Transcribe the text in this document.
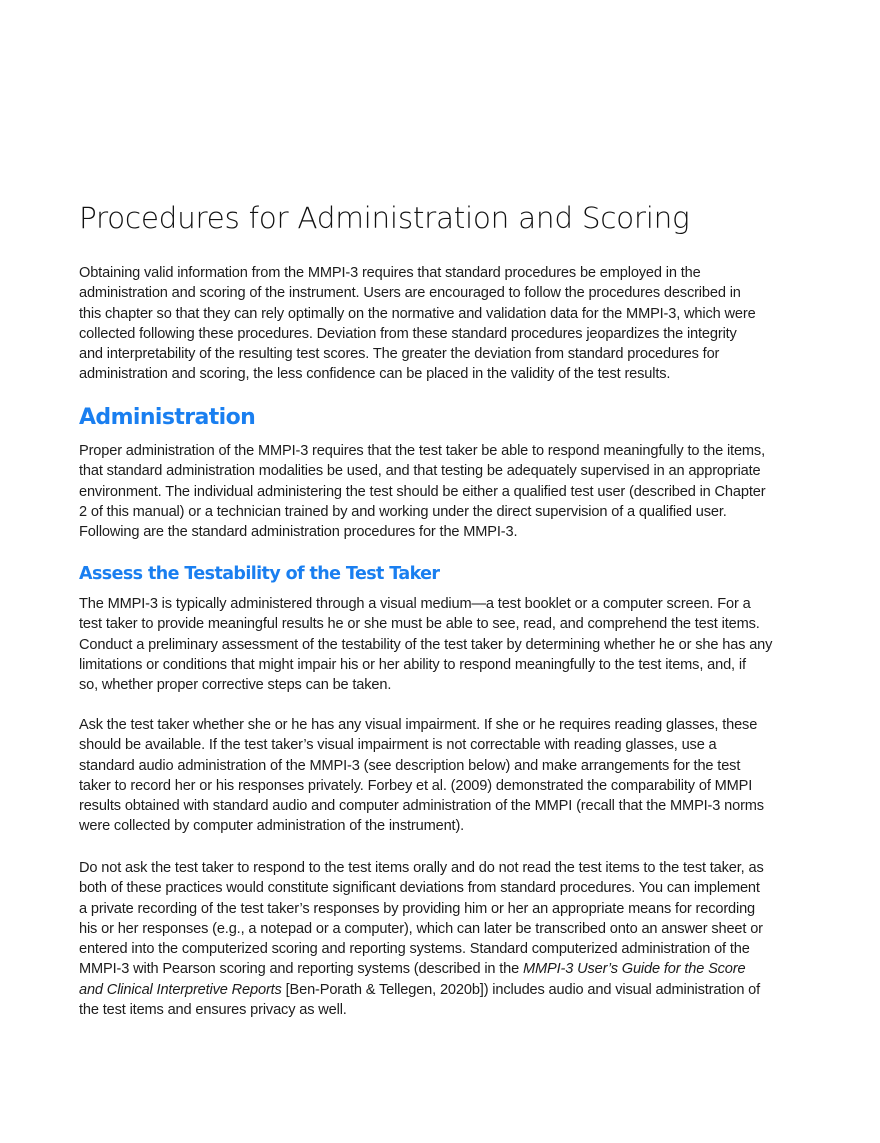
Procedures for Administration and Scoring

Obtaining valid information from the MMPI-3 requires that standard procedures be employed in the
administration and scoring of the instrument. Users are encouraged to follow the procedures described in
this chapter so that they can rely optimally on the normative and validation data for the MMPI-3, which were
collected following these procedures. Deviation from these standard procedures jeopardizes the integrity
and interpretability of the resulting test scores. The greater the deviation from standard procedures for
administration and scoring, the less confidence can be placed in the validity of the test results.

Administration

Proper administration of the MMPI-3 requires that the test taker be able to respond meaningfully to the items,
that standard administration modalities be used, and that testing be adequately supervised in an appropriate
environment. The individual administering the test should be either a qualified test user (described in Chapter
2 of this manual) or a technician trained by and working under the direct supervision of a qualified user.
Following are the standard administration procedures for the MMPI-3.

Assess the Testability of the Test Taker

The MMPI-3 is typically administered through a visual medium—a test booklet or a computer screen. For a
test taker to provide meaningful results he or she must be able to see, read, and comprehend the test items.
Conduct a preliminary assessment of the testability of the test taker by determining whether he or she has any
limitations or conditions that might impair his or her ability to respond meaningfully to the test items, and, if
so, whether proper corrective steps can be taken.

Ask the test taker whether she or he has any visual impairment. If she or he requires reading glasses, these
should be available. If the test taker’s visual impairment is not correctable with reading glasses, use a
standard audio administration of the MMPI-3 (see description below) and make arrangements for the test
taker to record her or his responses privately. Forbey et al. (2009) demonstrated the comparability of MMPI
results obtained with standard audio and computer administration of the MMPI (recall that the MMPI-3 norms
were collected by computer administration of the instrument).

Do not ask the test taker to respond to the test items orally and do not read the test items to the test taker, as
both of these practices would constitute significant deviations from standard procedures. You can implement
a private recording of the test taker’s responses by providing him or her an appropriate means for recording
his or her responses (e.g., a notepad or a computer), which can later be transcribed onto an answer sheet or
entered into the computerized scoring and reporting systems. Standard computerized administration of the
MMPI-3 with Pearson scoring and reporting systems (described in the MMPI-3 User’s Guide for the Score
and Clinical Interpretive Reports [Ben-Porath & Tellegen, 2020b]) includes audio and visual administration of
the test items and ensures privacy as well.
